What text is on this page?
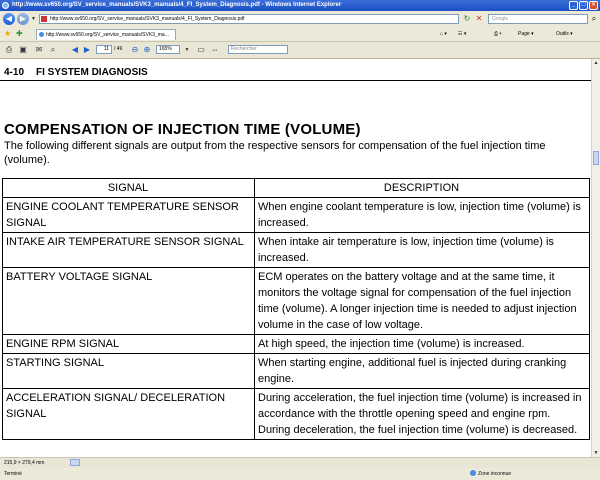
http://www.sv650.org/SV_service_manuals/SVK3_manuals/4_FI_System_Diagnosis.pdf - Windows Internet Explorer	_	□	×
◀ ▶ ▼	http://www.sv650.org/SV_service_manuals/SVK3_manuals/4_FI_System_Diagnosis.pdf	↻ ✕	Google	⌕
★ ✚	http://www.sv650.org/SV_service_manuals/SVK3_ma...	⌂ ▾ ☷ ▾	⎙ ▾	Page ▾	Outils ▾
⎙ ▣ ✉	⌕	◀ ▶	11	/ 49 ⊖ ⊕	165%	▼ ▭ ⇔	Rechercher
4-10 FI SYSTEM DIAGNOSIS
COMPENSATION OF INJECTION TIME (VOLUME)
The following different signals are output from the respective sensors for compensation of the fuel injection time (volume).
SIGNAL	DESCRIPTION
ENGINE COOLANT TEMPERATURE SENSOR SIGNAL	When engine coolant temperature is low, injection time (volume) is increased.
INTAKE AIR TEMPERATURE SENSOR SIGNAL	When intake air temperature is low, injection time (volume) is increased.
BATTERY VOLTAGE SIGNAL	ECM operates on the battery voltage and at the same time, it monitors the voltage signal for compensation of the fuel injection time (volume). A longer injection time is needed to adjust injection volume in the case of low voltage.
ENGINE RPM SIGNAL	At high speed, the injection time (volume) is increased.
STARTING SIGNAL	When starting engine, additional fuel is injected during cranking engine.
ACCELERATION SIGNAL/ DECELERATION SIGNAL	During acceleration, the fuel injection time (volume) is increased in accordance with the throttle opening speed and engine rpm. During deceleration, the fuel injection time (volume) is decreased.
▲
▼
215,9 × 279,4 mm
Terminé	Zone inconnue
